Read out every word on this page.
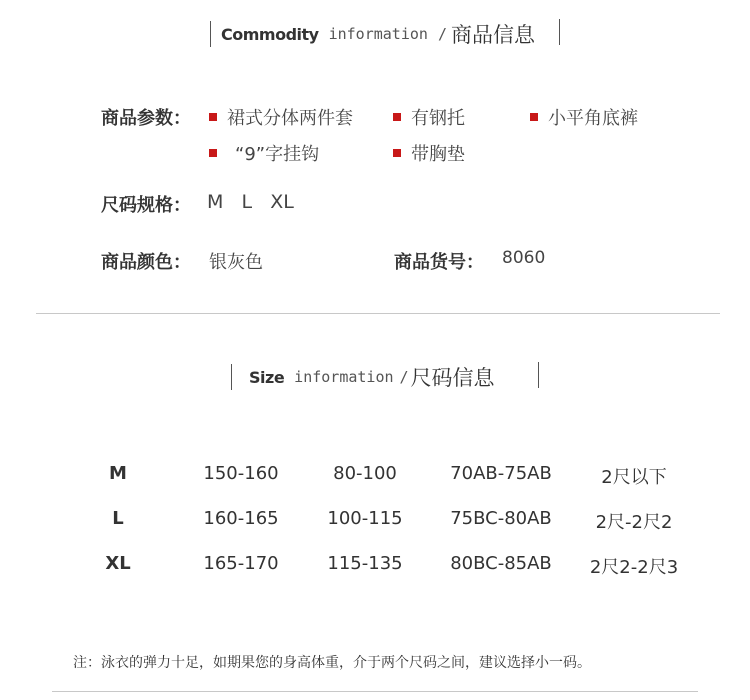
Commodity information / 商品信息
商品参数： 裙式分体两件套	有钢托	小平角底裤
“9”字挂钩	带胸垫
尺码规格： M   L   XL
商品颜色： 银灰色	商品货号： 8060
Size information / 尺码信息
M	150-160	80-100	70AB-75AB	2尺以下
L	160-165	100-115	75BC-80AB 2尺-2尺2
XL	165-170	115-135	80BC-85AB 2尺2-2尺3
注：泳衣的弹力十足，如期果您的身高体重，介于两个尺码之间，建议选择小一码。
